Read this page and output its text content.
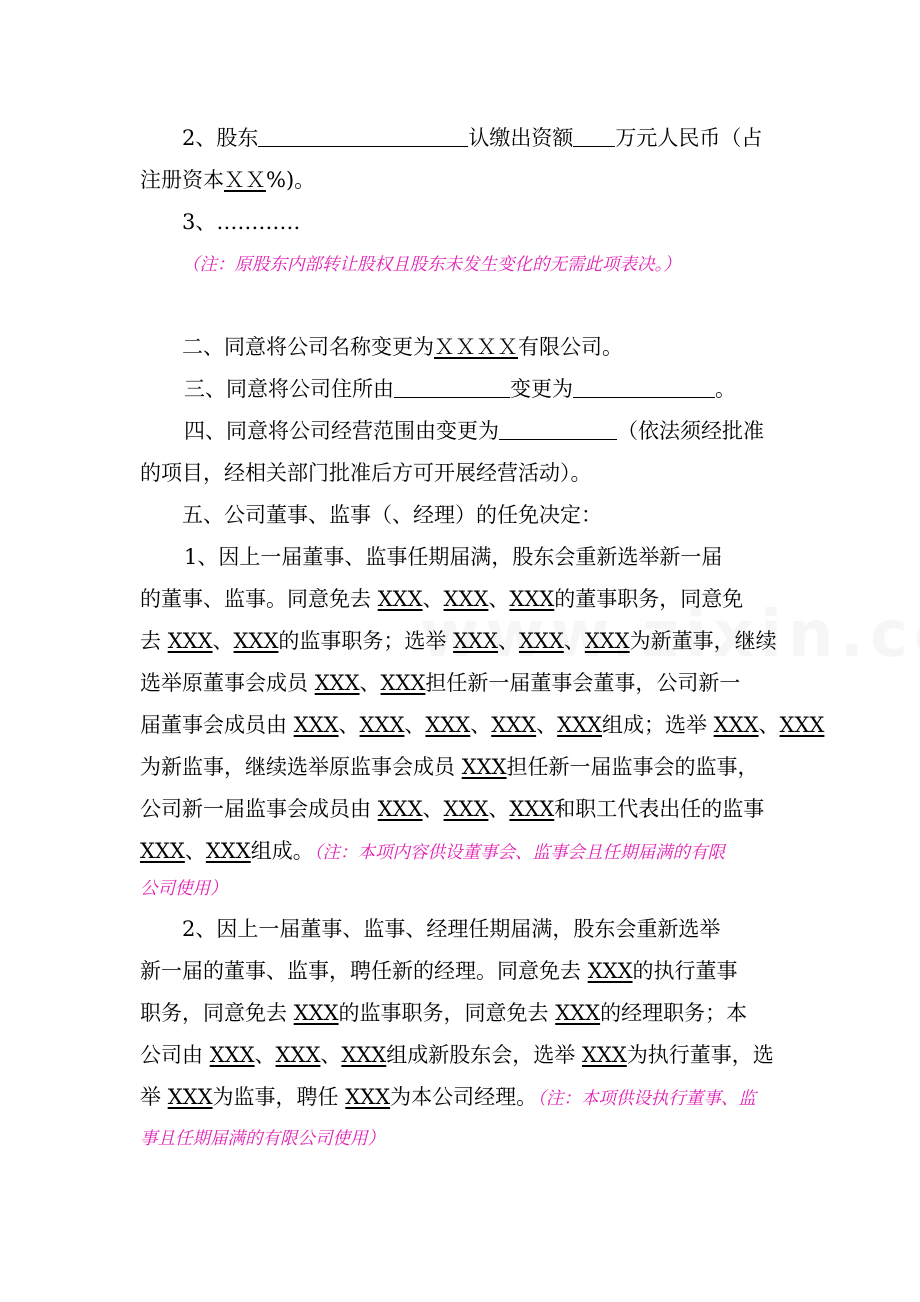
2、股东	认缴出资额 万元人民币（占
注册资本ＸＸ%)。
3、…………
（注：原股东内部转让股权且股东未发生变化的无需此项表决。）
二、同意将公司名称变更为ＸＸＸＸ有限公司。
三、同意将公司住所由	变更为	。
四、同意将公司经营范围由变更为	（依法须经批准
的项目，经相关部门批准后方可开展经营活动）。
五、公司董事、监事（、经理）的任免决定：
1、因上一届董事、监事任期届满，股东会重新选举新一届
的董事、监事。同意免去 XXX、XXX、XXX的董事职务，同意免
去 XXX、XXX的监事职务；选举 XXX、XXX、XXX为新董事，继续
选举原董事会成员 XXX、XXX担任新一届董事会董事，公司新一
届董事会成员由 XXX、XXX、XXX、XXX、XXX组成；选举 XXX、XXX
为新监事，继续选举原监事会成员 XXX担任新一届监事会的监事，
公司新一届监事会成员由 XXX、XXX、XXX和职工代表出任的监事
XXX、XXX组成。（注：本项内容供设董事会、监事会且任期届满的有限
公司使用）
2、因上一届董事、监事、经理任期届满，股东会重新选举
新一届的董事、监事，聘任新的经理。同意免去 XXX的执行董事
职务，同意免去 XXX的监事职务，同意免去 XXX的经理职务；本
公司由 XXX、XXX、XXX组成新股东会，选举 XXX为执行董事，选
举 XXX为监事，聘任 XXX为本公司经理。（注：本项供设执行董事、监
事且任期届满的有限公司使用）
